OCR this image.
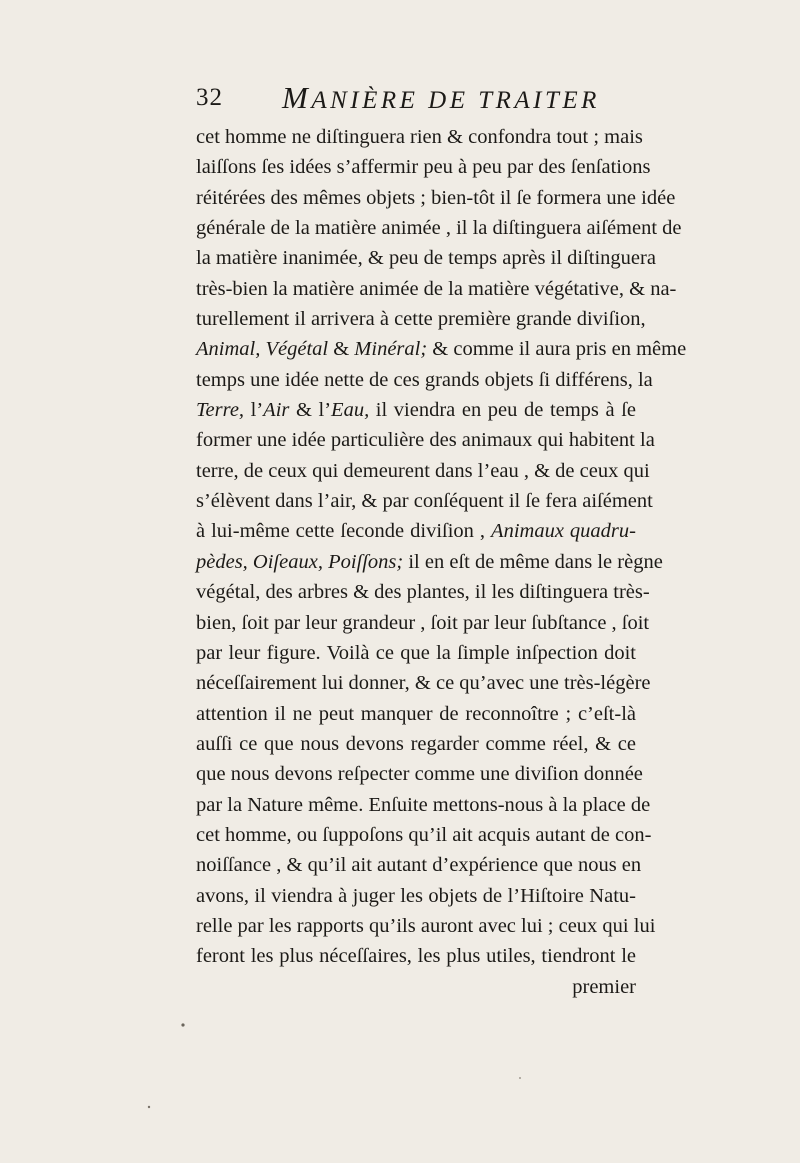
32 MANIÈRE DE TRAITER
cet homme ne diſtinguera rien & confondra tout ; mais
laiſſons ſes idées s’affermir peu à peu par des ſenſations
réitérées des mêmes objets ; bien-tôt il ſe formera une idée
générale de la matière animée , il la diſtinguera aiſément de
la matière inanimée, & peu de temps après il diſtinguera
très-bien la matière animée de la matière végétative, & na-
turellement il arrivera à cette première grande diviſion,
Animal, Végétal & Minéral; & comme il aura pris en même
temps une idée nette de ces grands objets ſi différens, la
Terre, l’Air & l’Eau, il viendra en peu de temps à ſe
former une idée particulière des animaux qui habitent la
terre, de ceux qui demeurent dans l’eau , & de ceux qui
s’élèvent dans l’air, & par conſéquent il ſe fera aiſément
à lui-même cette ſeconde diviſion , Animaux quadru-
pèdes, Oiſeaux, Poiſſons; il en eſt de même dans le règne
végétal, des arbres & des plantes, il les diſtinguera très-
bien, ſoit par leur grandeur , ſoit par leur ſubſtance , ſoit
par leur figure. Voilà ce que la ſimple inſpection doit
néceſſairement lui donner, & ce qu’avec une très-légère
attention il ne peut manquer de reconnoître ; c’eſt-là
auſſi ce que nous devons regarder comme réel, & ce
que nous devons reſpecter comme une diviſion donnée
par la Nature même. Enſuite mettons-nous à la place de
cet homme, ou ſuppoſons qu’il ait acquis autant de con-
noiſſance , & qu’il ait autant d’expérience que nous en
avons, il viendra à juger les objets de l’Hiſtoire Natu-
relle par les rapports qu’ils auront avec lui ; ceux qui lui
feront les plus néceſſaires, les plus utiles, tiendront le
premier
